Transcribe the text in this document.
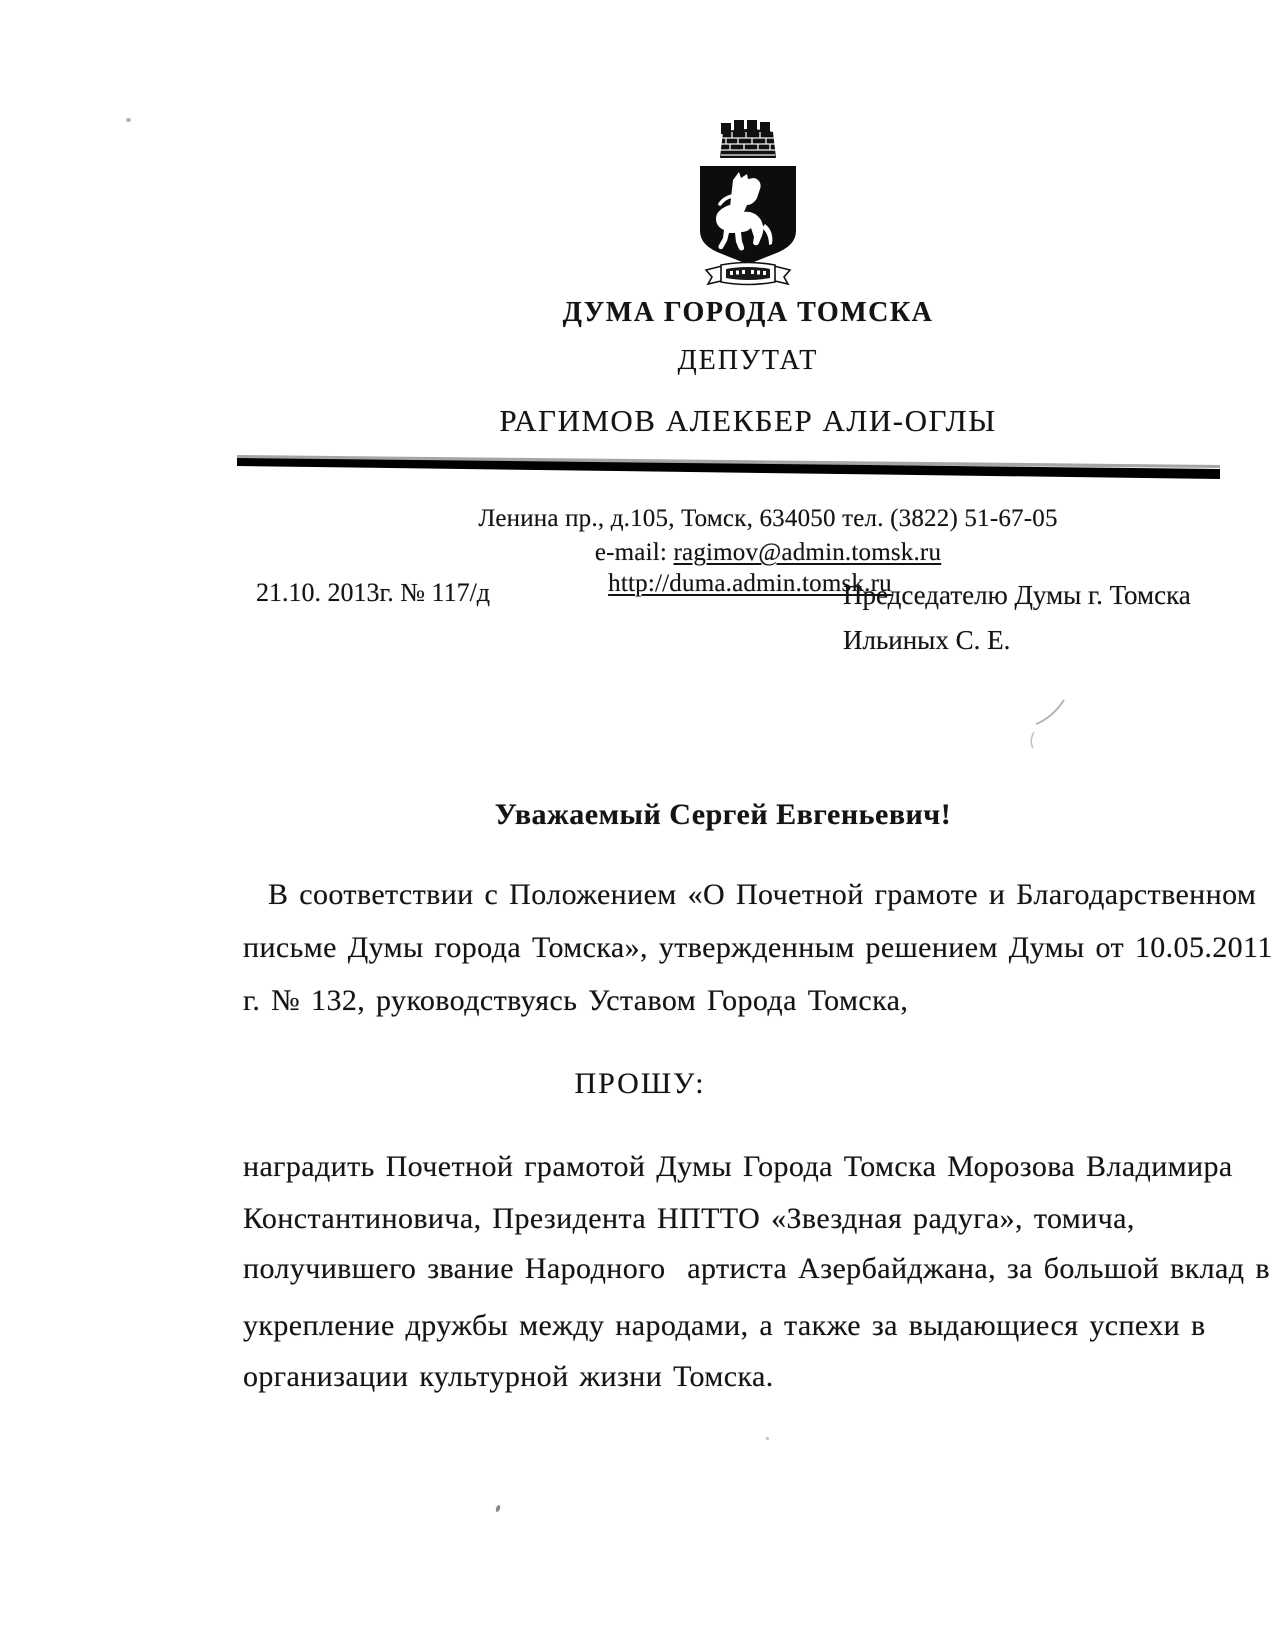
ДУМА ГОРОДА ТОМСКА
ДЕПУТАТ
РАГИМОВ АЛЕКБЕР АЛИ-ОГЛЫ
Ленина пр., д.105, Томск, 634050 тел. (3822) 51-67-05
e-mail: ragimov@admin.tomsk.ru
http://duma.admin.tomsk.ru
21.10. 2013г. № 117/д	Председателю Думы г. Томска
Ильиных С. Е.
Уважаемый Сергей Евгеньевич!
В соответствии с Положением «О Почетной грамоте и Благодарственном
письме Думы города Томска», утвержденным решением Думы от 10.05.2011
г. № 132, руководствуясь Уставом Города Томска,
ПРОШУ:
наградить Почетной грамотой Думы Города Томска Морозова Владимира
Константиновича, Президента НПТТО «Звездная радуга», томича,
получившего звание Народного  артиста Азербайджана, за большой вклад в
укрепление дружбы между народами, а также за выдающиеся успехи в
организации культурной жизни Томска.
